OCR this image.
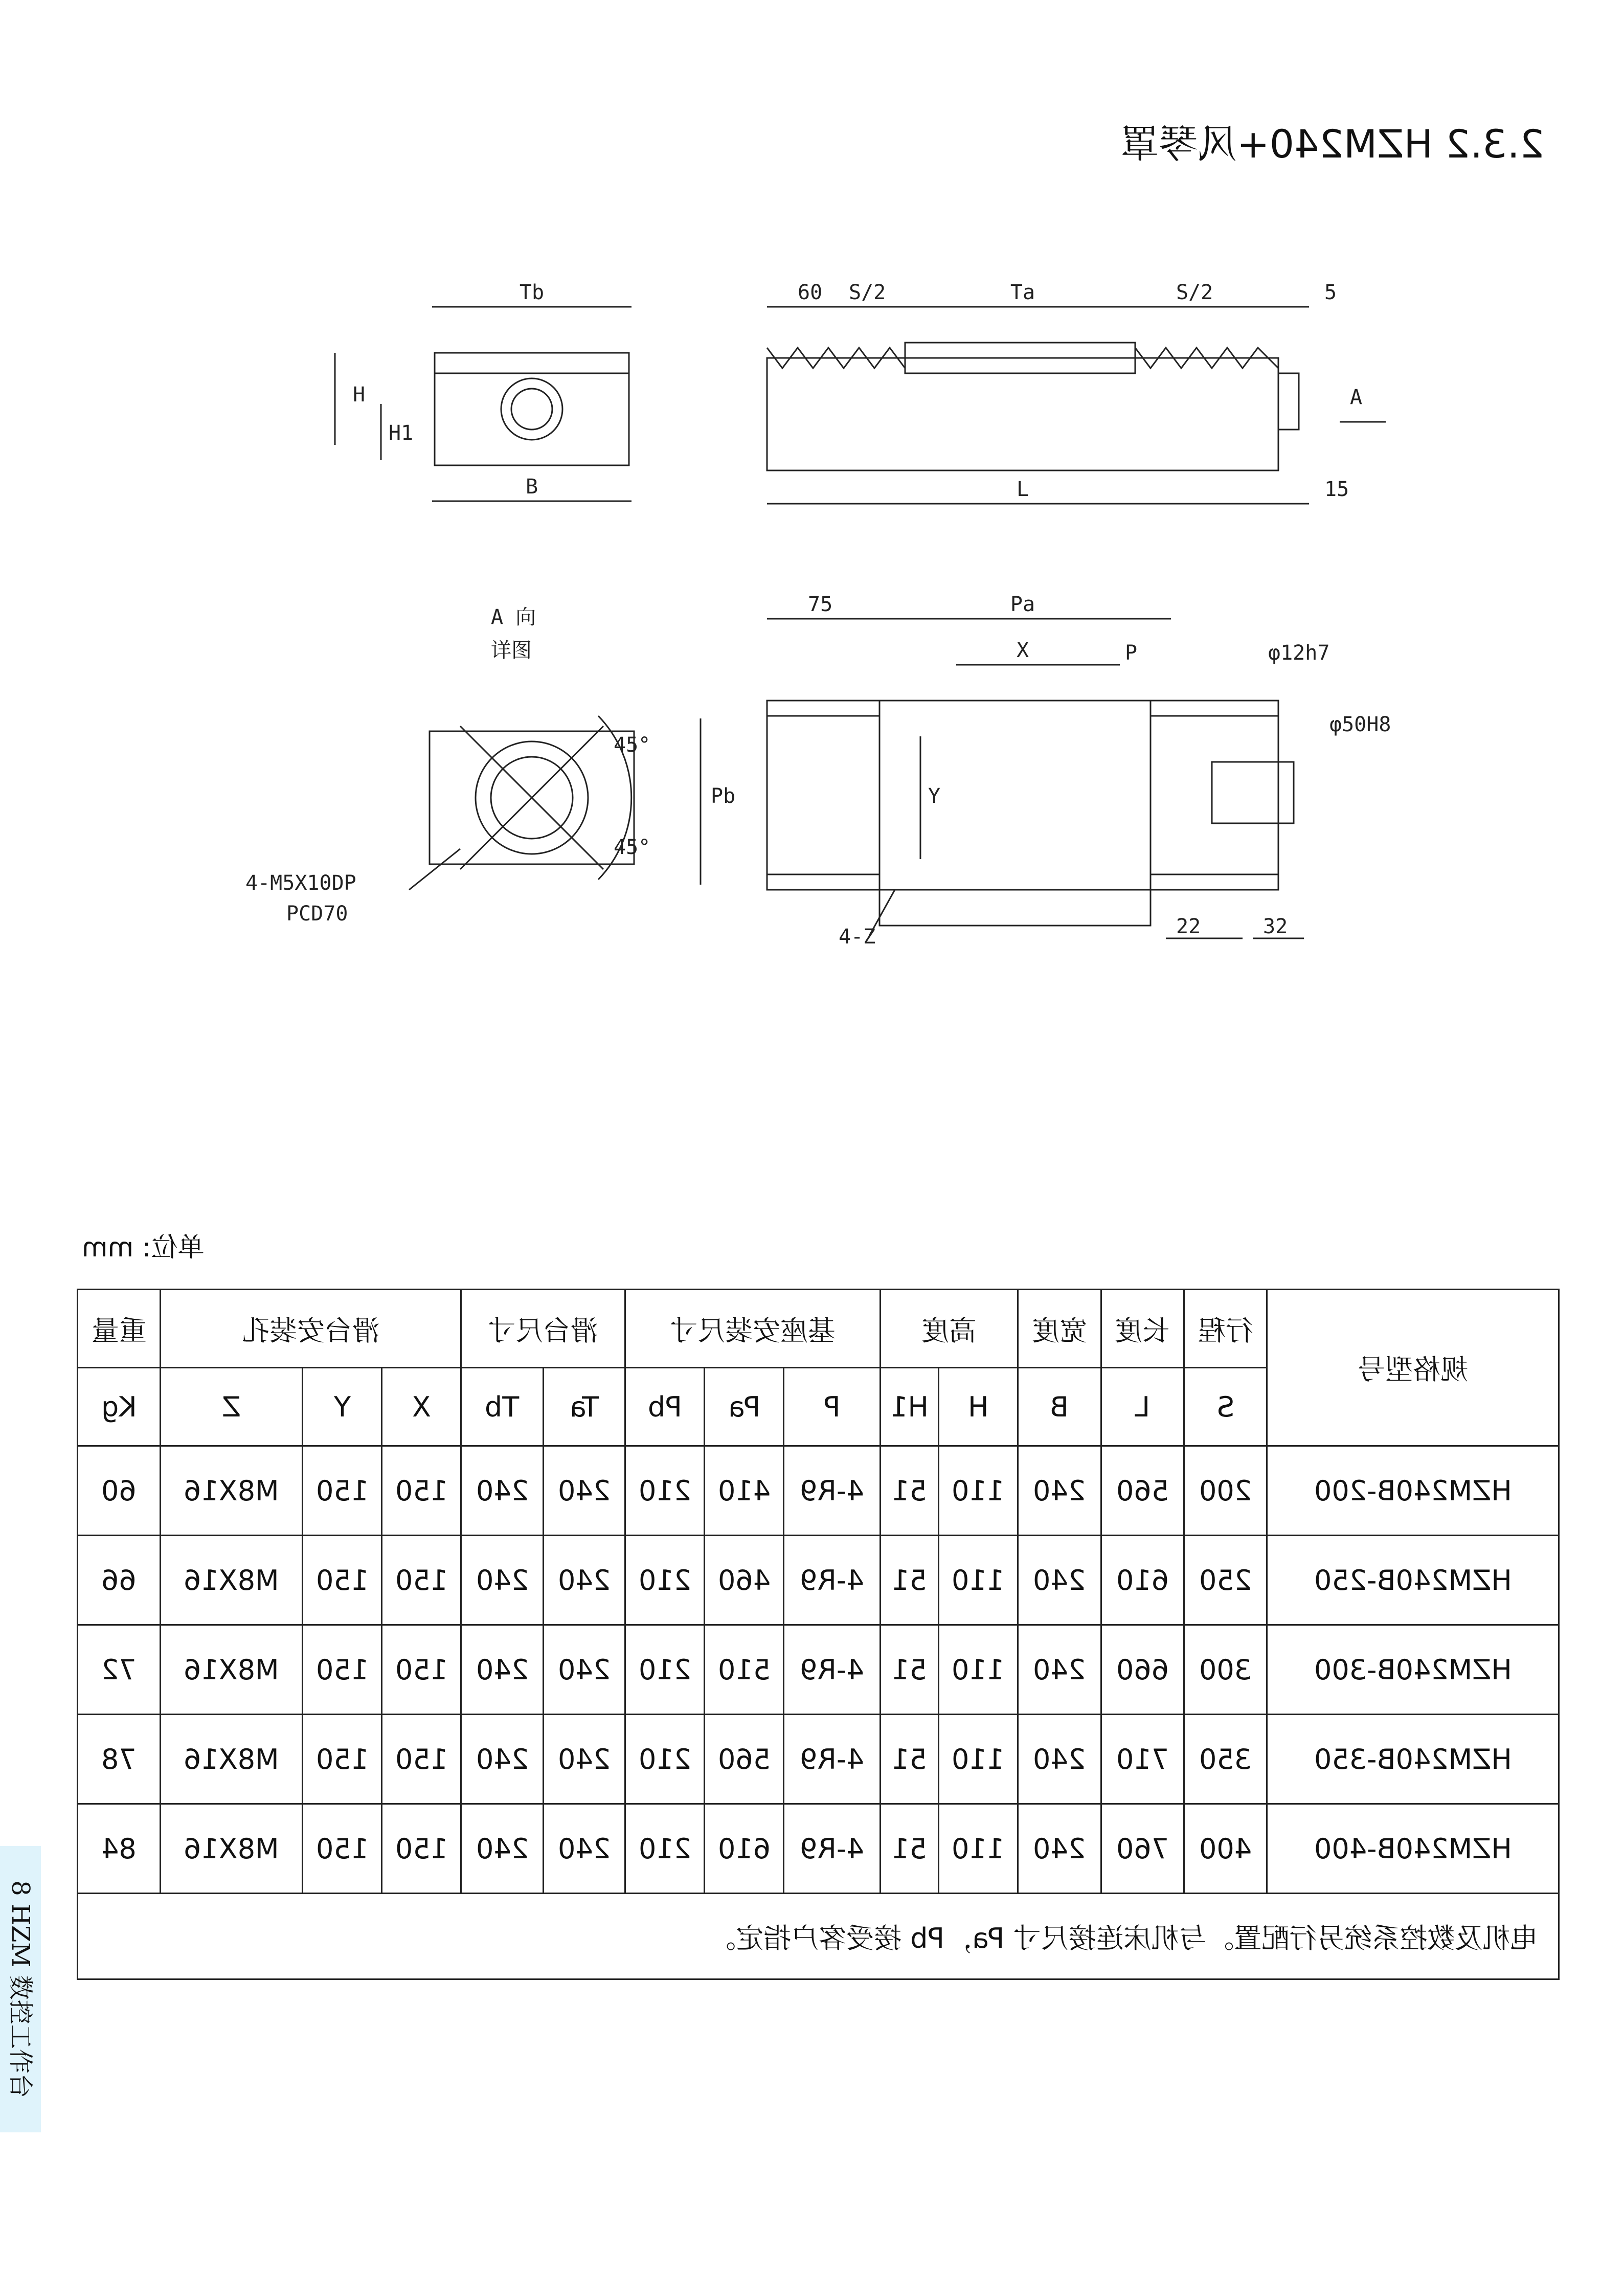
2.3.2 HZM240+风琴罩
Tb
B
H
H1
60 S/2	Ta	S/2	5
A
L	15
A 向
详图
75	Pa
φ12h7
X	P
φ50H8
Pb	Y
45°
45°
4-M5X10DP
PCD70
4-Z	22	32
单位: mm
重量	滑台安装孔			滑台尺寸		基座安装尺寸			高度		宽度	长度	行程	规格型号
Kg	Z	Y	X	Tb	Ta	Pb	Pa	P	H1	H	B	L	S	
60	M8X16	150	150	240	240	210	410	4-R9	51	110	240	560	200	HZM240B-200
66	M8X16	150	150	240	240	210	460	4-R9	51	110	240	610	250	HZM240B-250
72	M8X16	150	150	240	240	210	510	4-R9	51	110	240	660	300	HZM240B-300
78	M8X16	150	150	240	240	210	560	4-R9	51	110	240	710	350	HZM240B-350
84	M8X16	150	150	240	240	210	610	4-R9	51	110	240	760	400	HZM240B-400
电机及数控系统另行配置。与机床连接尺寸 Pa，Pb 接受客户指定。														
8 HZM 数控工作台
